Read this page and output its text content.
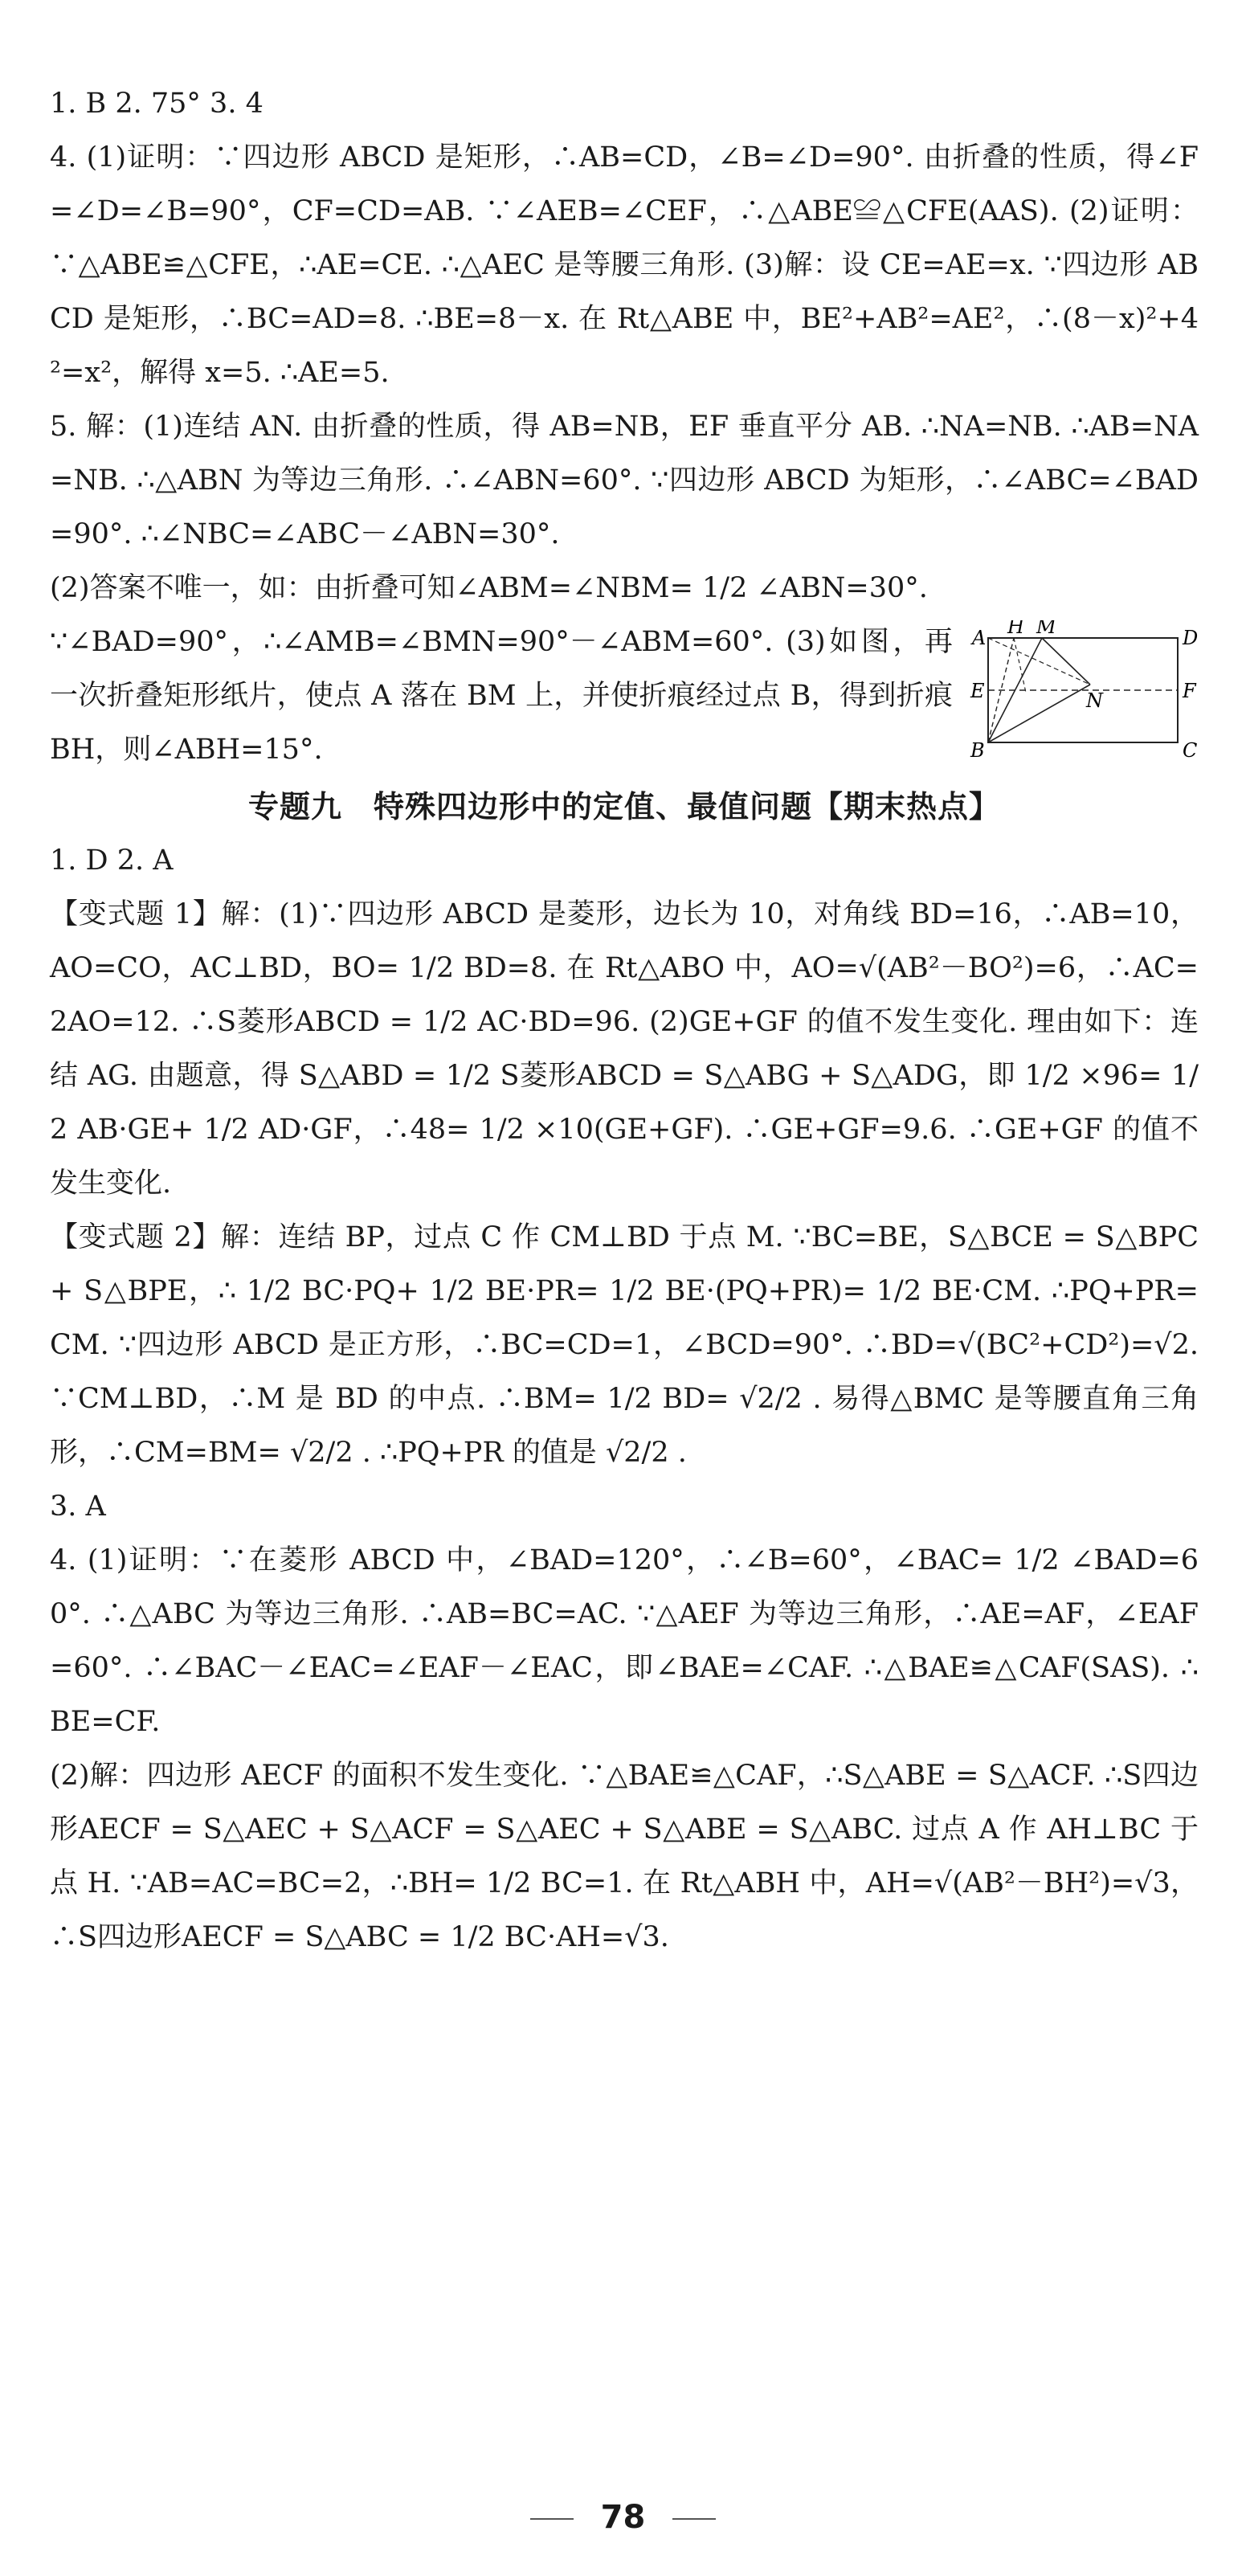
1. B 2. 75° 3. 4

4. (1)证明：∵四边形 ABCD 是矩形，∴AB=CD，∠B=∠D=90°. 由折叠的性质，得∠F=∠D=∠B=90°，CF=CD=AB. ∵∠AEB=∠CEF，∴△ABE≌△CFE(AAS). (2)证明：∵△ABE≌△CFE，∴AE=CE. ∴△AEC 是等腰三角形. (3)解：设 CE=AE=x. ∵四边形 ABCD 是矩形，∴BC=AD=8. ∴BE=8－x. 在 Rt△ABE 中，BE²+AB²=AE²，∴(8－x)²+4²=x²，解得 x=5. ∴AE=5.

5. 解：(1)连结 AN. 由折叠的性质，得 AB=NB，EF 垂直平分 AB. ∴NA=NB. ∴AB=NA=NB. ∴△ABN 为等边三角形. ∴∠ABN=60°. ∵四边形 ABCD 为矩形，∴∠ABC=∠BAD=90°. ∴∠NBC=∠ABC－∠ABN=30°.

(2)答案不唯一，如：由折叠可知∠ABM=∠NBM= 1/2 ∠ABN=30°.

A H M	D
E	F
N
B	C

∵∠BAD=90°，∴∠AMB=∠BMN=90°－∠ABM=60°. (3)如图，再一次折叠矩形纸片，使点 A 落在 BM 上，并使折痕经过点 B，得到折痕 BH，则∠ABH=15°.

专题九　特殊四边形中的定值、最值问题【期末热点】

1. D 2. A

【变式题 1】解：(1)∵四边形 ABCD 是菱形，边长为 10，对角线 BD=16，∴AB=10，AO=CO，AC⊥BD，BO= 1/2 BD=8. 在 Rt△ABO 中，AO=√(AB²－BO²)=6，∴AC=2AO=12. ∴S菱形ABCD = 1/2 AC·BD=96. (2)GE+GF 的值不发生变化. 理由如下：连结 AG. 由题意，得 S△ABD = 1/2 S菱形ABCD = S△ABG + S△ADG，即 1/2 ×96= 1/2 AB·GE+ 1/2 AD·GF，∴48= 1/2 ×10(GE+GF). ∴GE+GF=9.6. ∴GE+GF 的值不发生变化.

【变式题 2】解：连结 BP，过点 C 作 CM⊥BD 于点 M. ∵BC=BE，S△BCE = S△BPC + S△BPE，∴ 1/2 BC·PQ+ 1/2 BE·PR= 1/2 BE·(PQ+PR)= 1/2 BE·CM. ∴PQ+PR=CM. ∵四边形 ABCD 是正方形，∴BC=CD=1，∠BCD=90°. ∴BD=√(BC²+CD²)=√2. ∵CM⊥BD，∴M 是 BD 的中点. ∴BM= 1/2 BD= √2/2 . 易得△BMC 是等腰直角三角形，∴CM=BM= √2/2 . ∴PQ+PR 的值是 √2/2 .

3. A

4. (1)证明：∵在菱形 ABCD 中，∠BAD=120°，∴∠B=60°，∠BAC= 1/2 ∠BAD=60°. ∴△ABC 为等边三角形. ∴AB=BC=AC. ∵△AEF 为等边三角形，∴AE=AF，∠EAF=60°. ∴∠BAC－∠EAC=∠EAF－∠EAC，即∠BAE=∠CAF. ∴△BAE≌△CAF(SAS). ∴BE=CF.

(2)解：四边形 AECF 的面积不发生变化. ∵△BAE≌△CAF，∴S△ABE = S△ACF. ∴S四边形AECF = S△AEC + S△ACF = S△AEC + S△ABE = S△ABC. 过点 A 作 AH⊥BC 于点 H. ∵AB=AC=BC=2，∴BH= 1/2 BC=1. 在 Rt△ABH 中，AH=√(AB²－BH²)=√3，∴S四边形AECF = S△ABC = 1/2 BC·AH=√3.

78
